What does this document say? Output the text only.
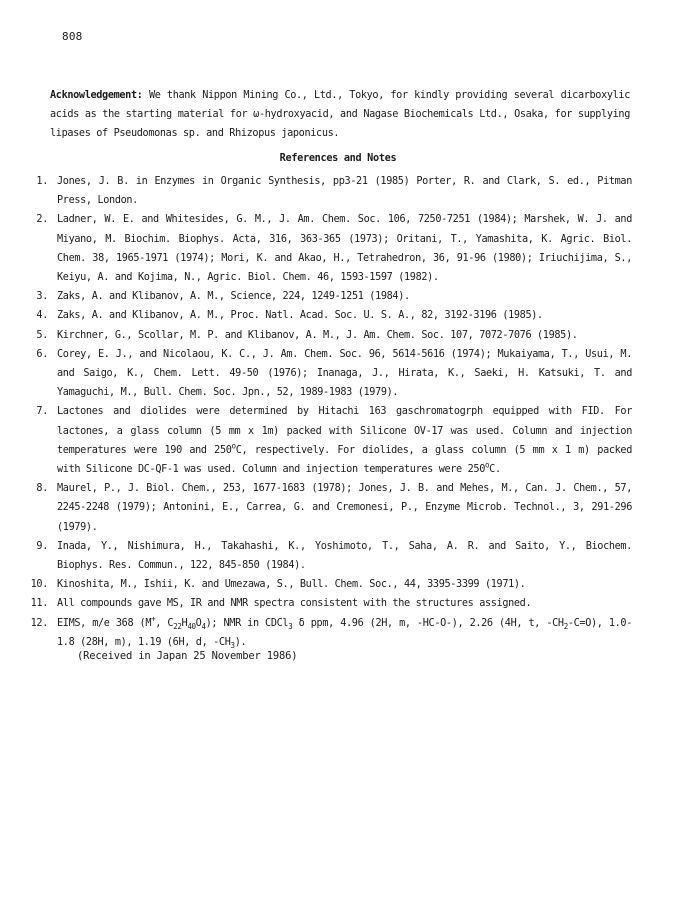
808
Acknowledgement: We thank Nippon Mining Co., Ltd., Tokyo, for kindly providing several dicarboxylic acids as the starting material for ω-hydroxyacid, and Nagase Biochemicals Ltd., Osaka, for supplying lipases of Pseudomonas sp. and Rhizopus japonicus.
References and Notes
1. Jones, J. B. in Enzymes in Organic Synthesis, pp3-21 (1985) Porter, R. and Clark, S. ed., Pitman Press, London.
2. Ladner, W. E. and Whitesides, G. M., J. Am. Chem. Soc. 106, 7250-7251 (1984); Marshek, W. J. and Miyano, M. Biochim. Biophys. Acta, 316, 363-365 (1973); Oritani, T., Yamashita, K. Agric. Biol. Chem. 38, 1965-1971 (1974); Mori, K. and Akao, H., Tetrahedron, 36, 91-96 (1980); Iriuchijima, S., Keiyu, A. and Kojima, N., Agric. Biol. Chem. 46, 1593-1597 (1982).
3. Zaks, A. and Klibanov, A. M., Science, 224, 1249-1251 (1984).
4. Zaks, A. and Klibanov, A. M., Proc. Natl. Acad. Soc. U. S. A., 82, 3192-3196 (1985).
5. Kirchner, G., Scollar, M. P. and Klibanov, A. M., J. Am. Chem. Soc. 107, 7072-7076 (1985).
6. Corey, E. J., and Nicolaou, K. C., J. Am. Chem. Soc. 96, 5614-5616 (1974); Mukaiyama, T., Usui, M. and Saigo, K., Chem. Lett. 49-50 (1976); Inanaga, J., Hirata, K., Saeki, H. Katsuki, T. and Yamaguchi, M., Bull. Chem. Soc. Jpn., 52, 1989-1983 (1979).
7. Lactones and diolides were determined by Hitachi 163 gaschromatogrph equipped with FID. For lactones, a glass column (5 mm x 1m) packed with Silicone OV-17 was used. Column and injection temperatures were 190 and 250$^o$C, respectively. For diolides, a glass column (5 mm x 1 m) packed with Silicone DC-QF-1 was used. Column and injection temperatures were 250$^o$C.
8. Maurel, P., J. Biol. Chem., 253, 1677-1683 (1978); Jones, J. B. and Mehes, M., Can. J. Chem., 57, 2245-2248 (1979); Antonini, E., Carrea, G. and Cremonesi, P., Enzyme Microb. Technol., 3, 291-296 (1979).
9. Inada, Y., Nishimura, H., Takahashi, K., Yoshimoto, T., Saha, A. R. and Saito, Y., Biochem. Biophys. Res. Commun., 122, 845-850 (1984).
10. Kinoshita, M., Ishii, K. and Umezawa, S., Bull. Chem. Soc., 44, 3395-3399 (1971).
11. All compounds gave MS, IR and NMR spectra consistent with the structures assigned.
12. EIMS, m/e 368 (M+, $C_{22}H_{40}O_4$); NMR in CDCl$_3$ δ ppm, 4.96 (2H, m, -HC-O-), 2.26 (4H, t, $-CH_2-C=O$), 1.0-1.8 (28H, m), 1.19 (6H, d, $-CH_3$).
(Received in Japan 25 November 1986)
